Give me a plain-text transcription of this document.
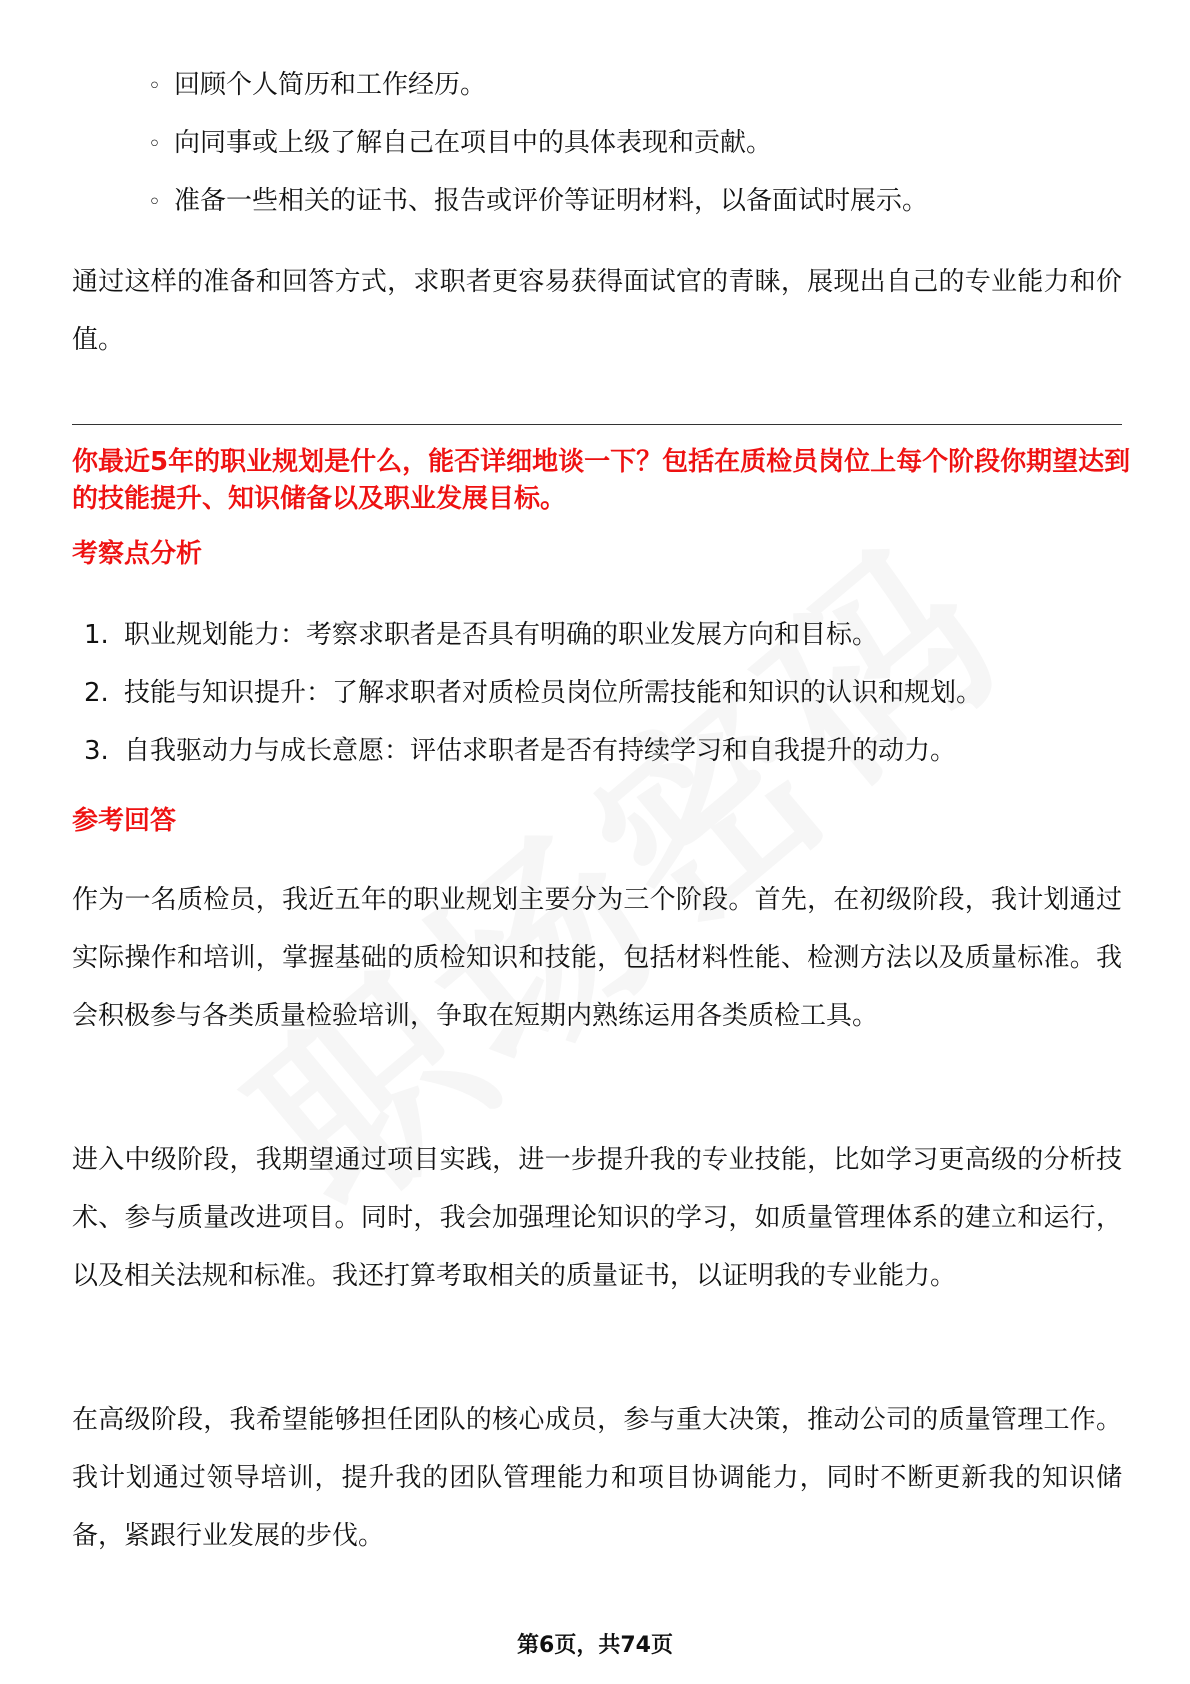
◦ 回顾个人简历和工作经历。
◦ 向同事或上级了解自己在项目中的具体表现和贡献。
◦ 准备一些相关的证书、报告或评价等证明材料，以备面试时展示。

通过这样的准备和回答方式，求职者更容易获得面试官的青睐，展现出自己的专业能力和价值。

你最近5年的职业规划是什么，能否详细地谈一下？包括在质检员岗位上每个阶段你期望达到的技能提升、知识储备以及职业发展目标。

考察点分析
1. 职业规划能力：考察求职者是否具有明确的职业发展方向和目标。
2. 技能与知识提升：了解求职者对质检员岗位所需技能和知识的认识和规划。
3. 自我驱动力与成长意愿：评估求职者是否有持续学习和自我提升的动力。
参考回答

作为一名质检员，我近五年的职业规划主要分为三个阶段。首先，在初级阶段，我计划通过实际操作和培训，掌握基础的质检知识和技能，包括材料性能、检测方法以及质量标准。我会积极参与各类质量检验培训，争取在短期内熟练运用各类质检工具。

进入中级阶段，我期望通过项目实践，进一步提升我的专业技能，比如学习更高级的分析技术、参与质量改进项目。同时，我会加强理论知识的学习，如质量管理体系的建立和运行，以及相关法规和标准。我还打算考取相关的质量证书，以证明我的专业能力。

在高级阶段，我希望能够担任团队的核心成员，参与重大决策，推动公司的质量管理工作。我计划通过领导培训，提升我的团队管理能力和项目协调能力，同时不断更新我的知识储备，紧跟行业发展的步伐。

第6页，共74页
